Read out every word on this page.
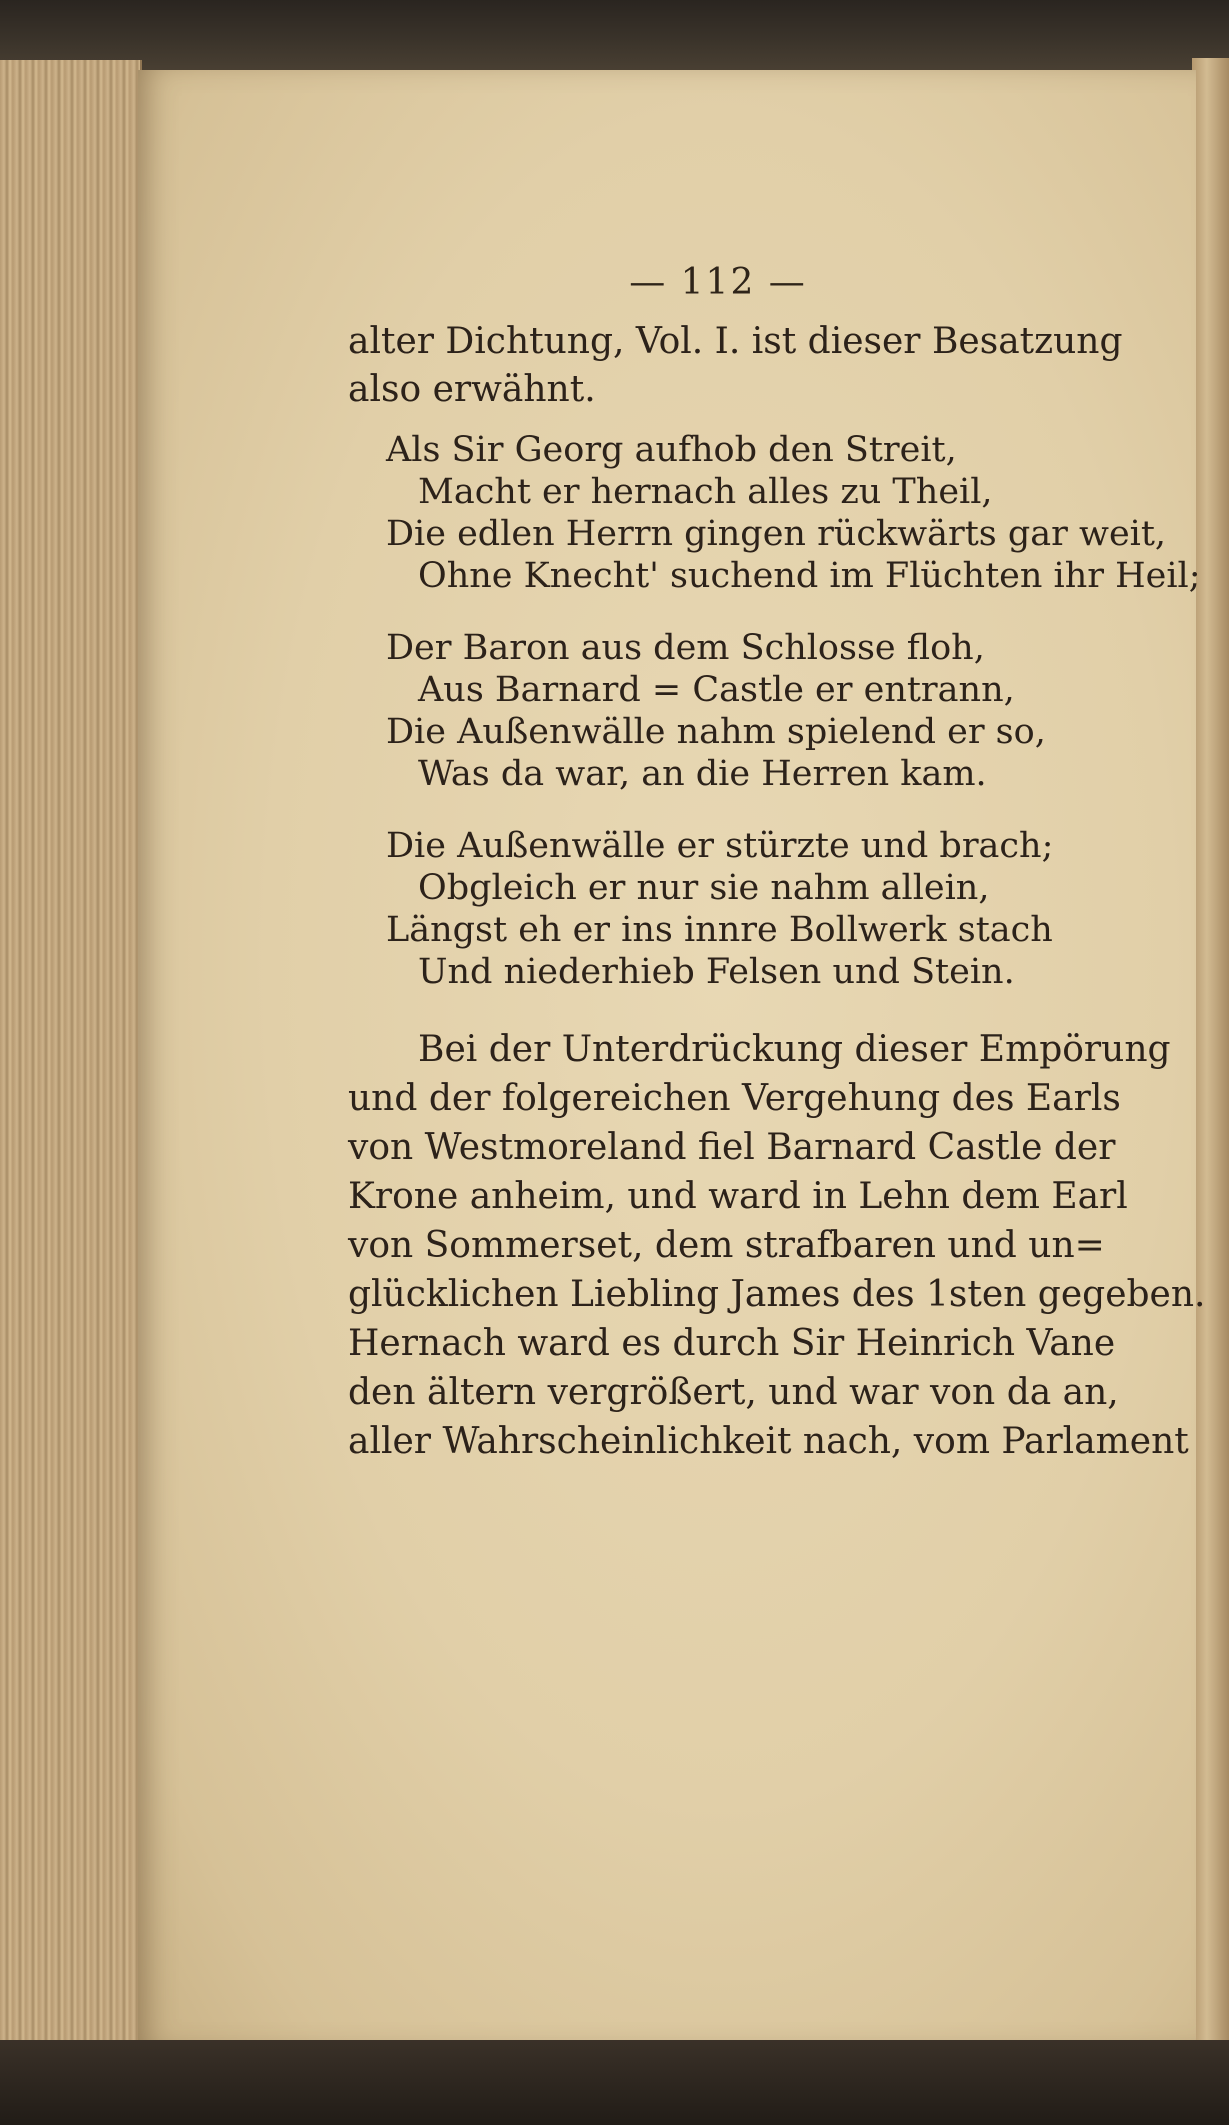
— 112 —
alter Dichtung, Vol. I. ist dieser Besatzung
also erwähnt.
Als Sir Georg aufhob den Streit,
Macht er hernach alles zu Theil,
Die edlen Herrn gingen rückwärts gar weit,
Ohne Knecht' suchend im Flüchten ihr Heil;
Der Baron aus dem Schlosse floh,
Aus Barnard = Castle er entrann,
Die Außenwälle nahm spielend er so,
Was da war, an die Herren kam.
Die Außenwälle er stürzte und brach;
Obgleich er nur sie nahm allein,
Längst eh er ins innre Bollwerk stach
Und niederhieb Felsen und Stein.
Bei der Unterdrückung dieser Empörung
und der folgereichen Vergehung des Earls
von Westmoreland fiel Barnard Castle der
Krone anheim, und ward in Lehn dem Earl
von Sommerset, dem strafbaren und un=
glücklichen Liebling James des 1sten gegeben.
Hernach ward es durch Sir Heinrich Vane
den ältern vergrößert, und war von da an,
aller Wahrscheinlichkeit nach, vom Parlament
